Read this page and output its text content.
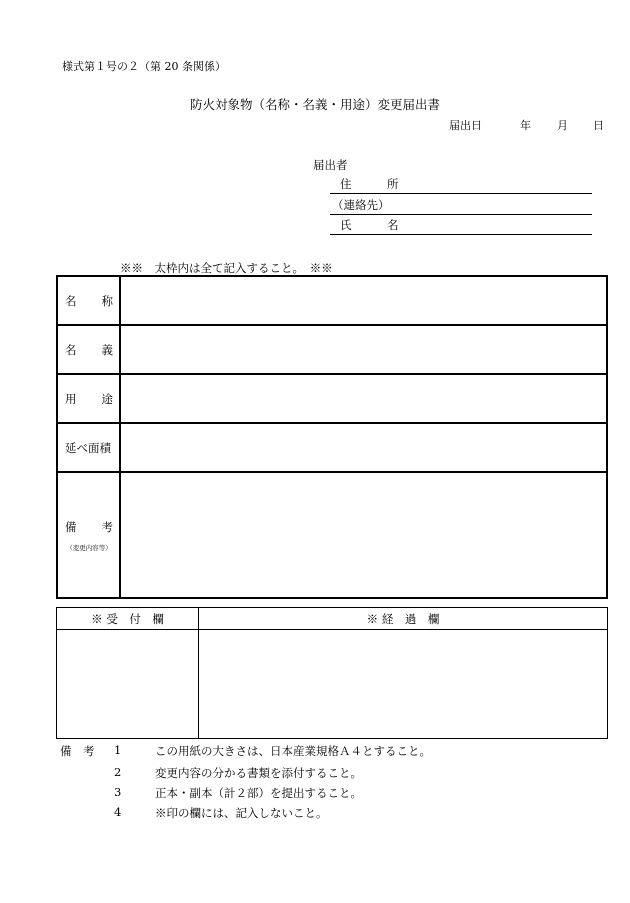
様式第１号の２（第 20 条関係）
防火対象物（名称・名義・用途）変更届出書
届出日	年 月 日
届出者
住	所
（連絡先）
氏	名
※※　太枠内は全て記入すること。　※※
名 称
名 義
用 途
延べ面積
備 考
（変更内容等）
※ 受　付　欄	※ 経　過　欄
備　考 1	この用紙の大きさは、日本産業規格Ａ４とすること。
2	変更内容の分かる書類を添付すること。
3	正本・副本（計２部）を提出すること。
4	※印の欄には、記入しないこと。
